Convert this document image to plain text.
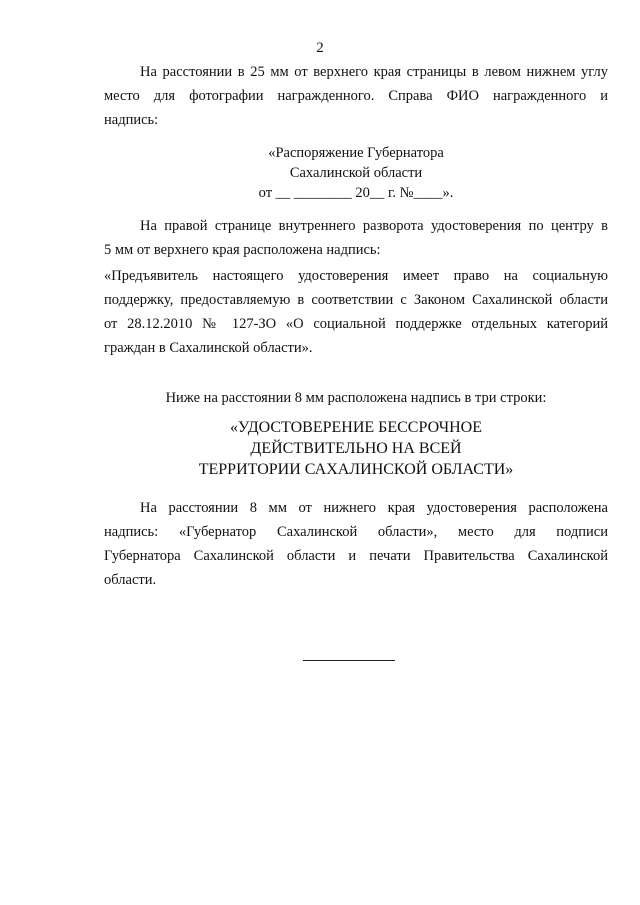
2
На расстоянии в 25 мм от верхнего края страницы в левом нижнем углу
место для фотографии награжденного. Справа ФИО награжденного и
надпись:
«Распоряжение Губернатора
Сахалинской области
от __ ________ 20__ г. №____».
На правой странице внутреннего разворота удостоверения по центру в
5 мм от верхнего края расположена надпись:
«Предъявитель настоящего удостоверения имеет право на социальную
поддержку, предоставляемую в соответствии с Законом Сахалинской области
от 28.12.2010 № 127-ЗО «О социальной поддержке отдельных категорий
граждан в Сахалинской области».
Ниже на расстоянии 8 мм расположена надпись в три строки:
«УДОСТОВЕРЕНИЕ БЕССРОЧНОЕ
ДЕЙСТВИТЕЛЬНО НА ВСЕЙ
ТЕРРИТОРИИ САХАЛИНСКОЙ ОБЛАСТИ»
На расстоянии 8 мм от нижнего края удостоверения расположена
надпись: «Губернатор Сахалинской области», место для подписи
Губернатора Сахалинской области и печати Правительства Сахалинской
области.
